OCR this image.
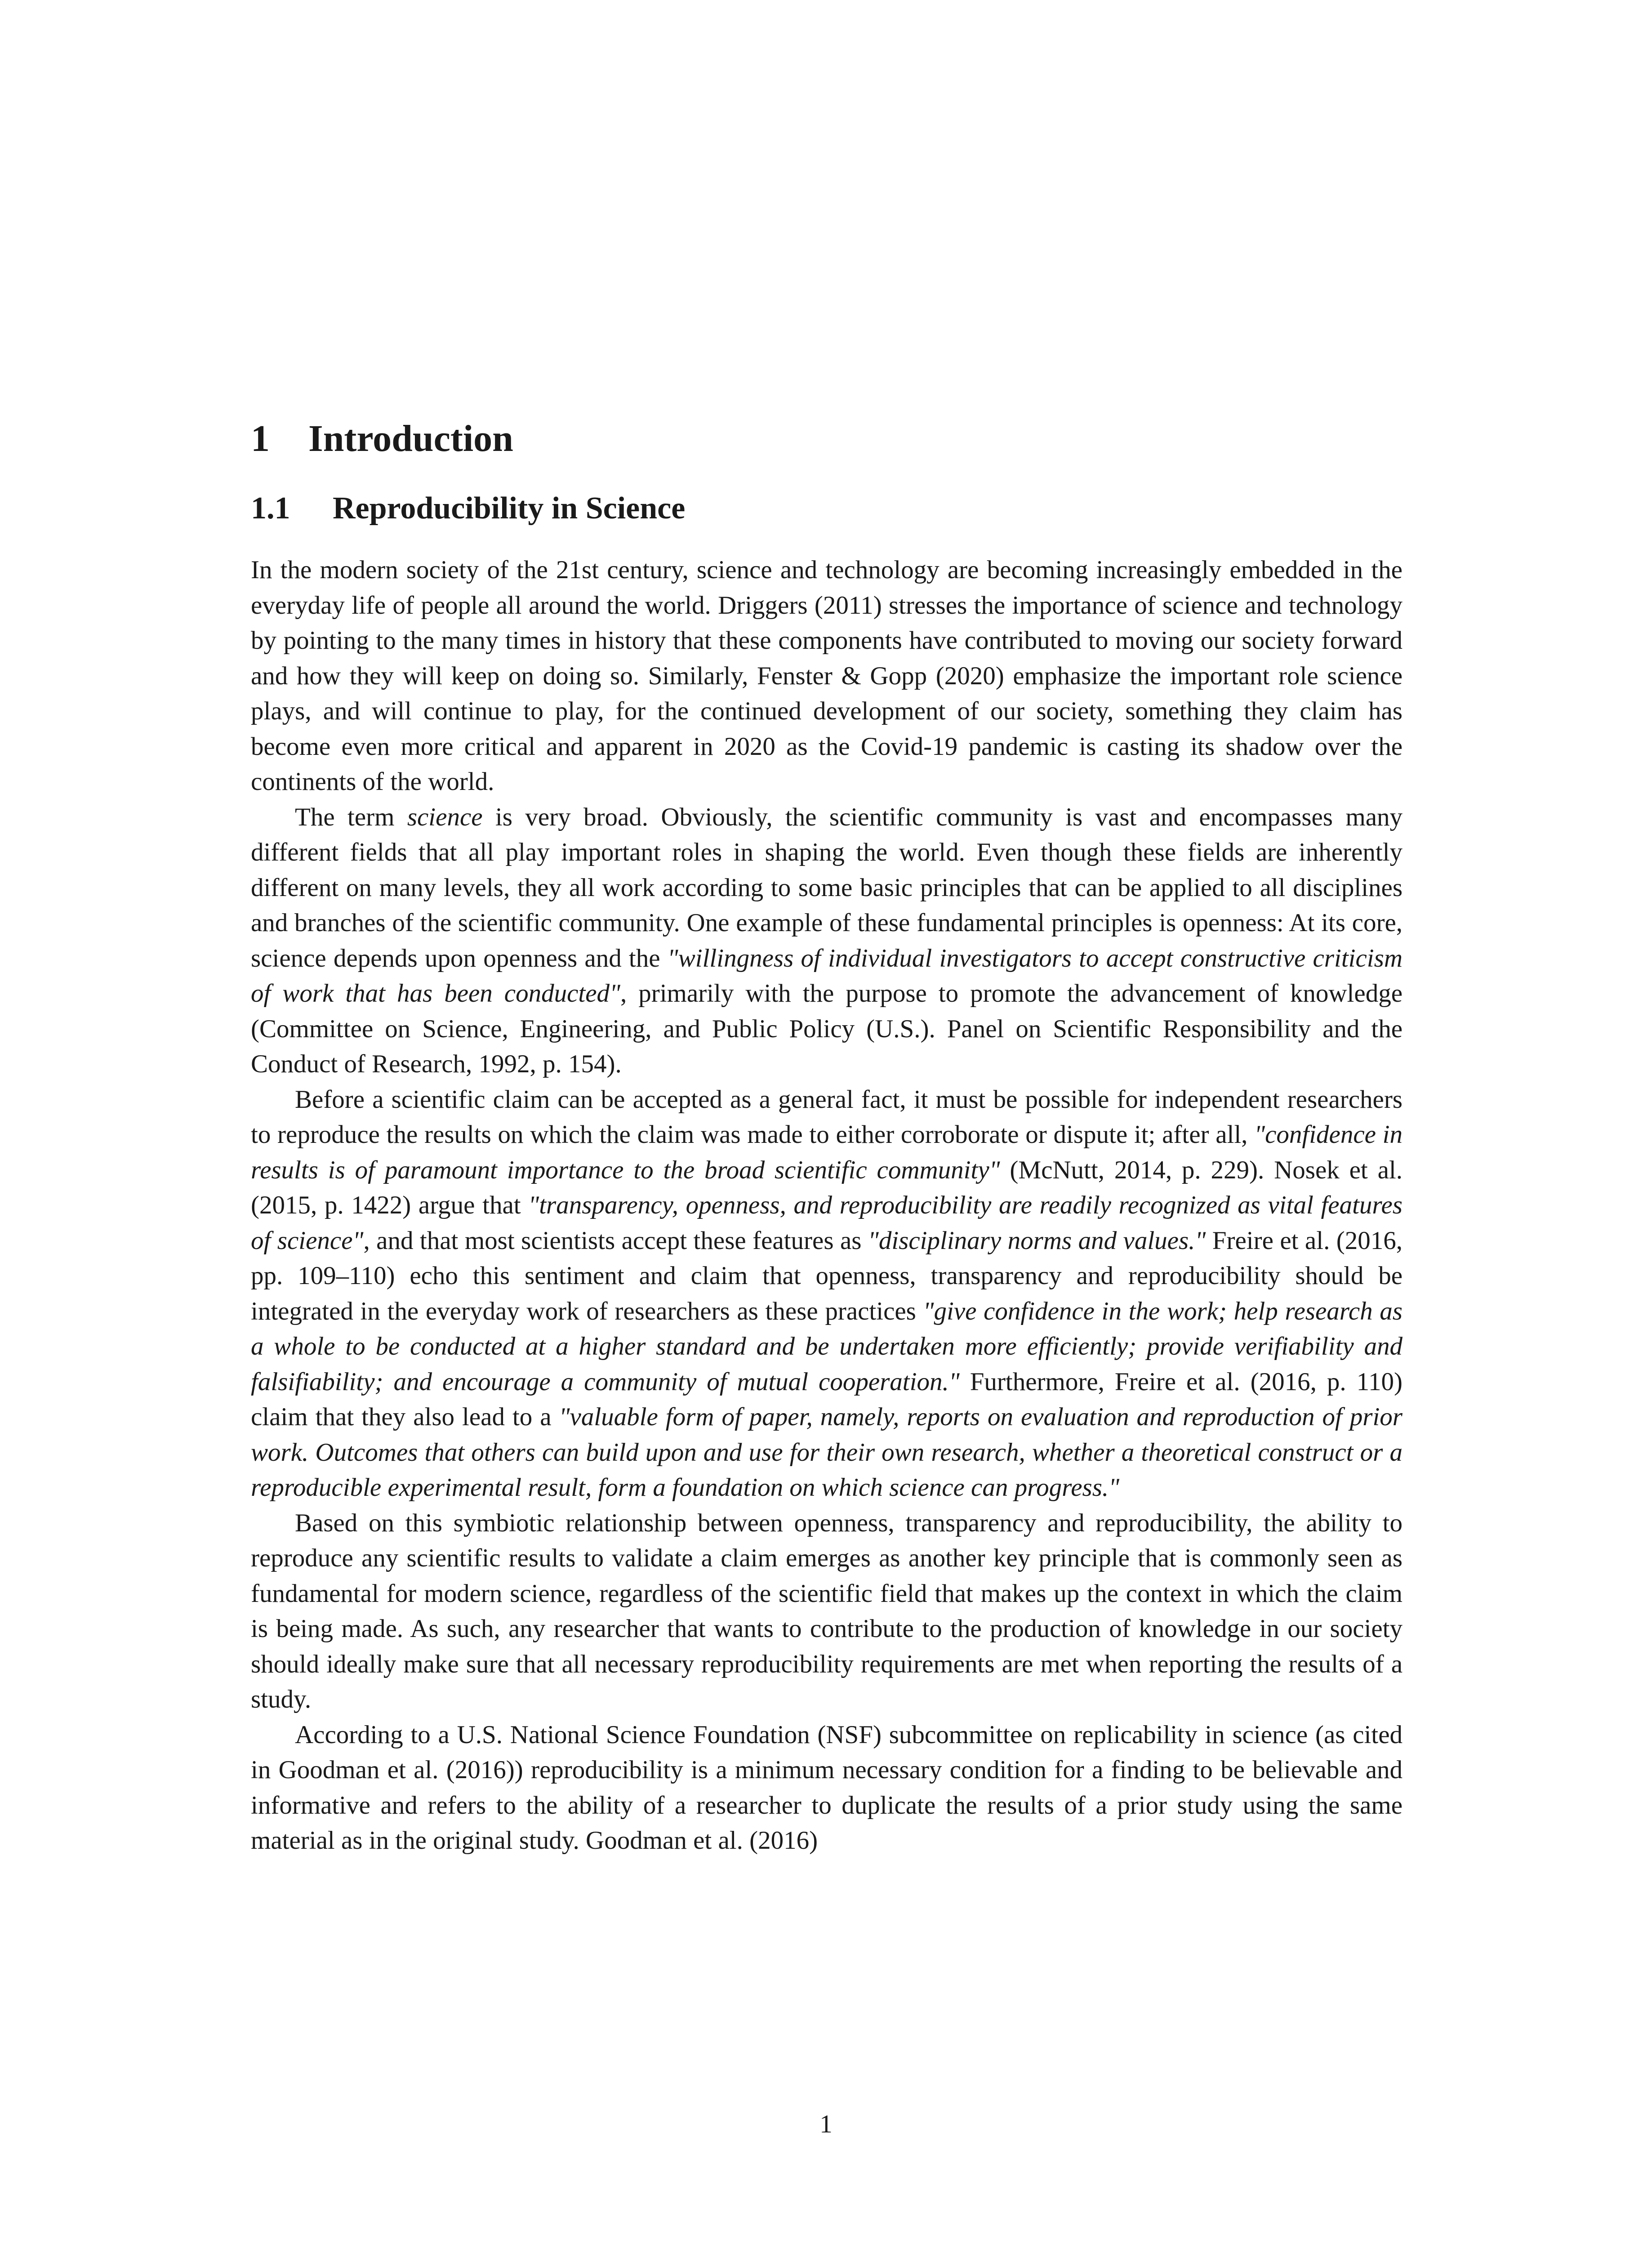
1 Introduction
1.1 Reproducibility in Science

In the modern society of the 21st century, science and technology are becoming increasingly embedded in the everyday life of people all around the world. Driggers (2011) stresses the importance of science and technology by pointing to the many times in history that these components have contributed to moving our society forward and how they will keep on doing so. Similarly, Fenster & Gopp (2020) emphasize the important role science plays, and will continue to play, for the continued development of our society, something they claim has become even more critical and apparent in 2020 as the Covid-19 pandemic is casting its shadow over the continents of the world.

The term science is very broad. Obviously, the scientific community is vast and encompasses many different fields that all play important roles in shaping the world. Even though these fields are inherently different on many levels, they all work according to some basic principles that can be applied to all disciplines and branches of the scientific community. One example of these fundamental principles is openness: At its core, science depends upon openness and the "willingness of individual investigators to accept constructive criticism of work that has been conducted", primarily with the purpose to promote the advancement of knowledge (Committee on Science, Engineering, and Public Policy (U.S.). Panel on Scientific Responsibility and the Conduct of Research, 1992, p. 154).

Before a scientific claim can be accepted as a general fact, it must be possible for independent researchers to reproduce the results on which the claim was made to either corroborate or dispute it; after all, "confidence in results is of paramount importance to the broad scientific community" (McNutt, 2014, p. 229). Nosek et al. (2015, p. 1422) argue that "transparency, openness, and reproducibility are readily recognized as vital features of science", and that most scientists accept these features as "disciplinary norms and values." Freire et al. (2016, pp. 109–110) echo this sentiment and claim that openness, transparency and reproducibility should be integrated in the everyday work of researchers as these practices "give confidence in the work; help research as a whole to be conducted at a higher standard and be undertaken more efficiently; provide verifiability and falsifiability; and encourage a community of mutual cooperation." Furthermore, Freire et al. (2016, p. 110) claim that they also lead to a "valuable form of paper, namely, reports on evaluation and reproduction of prior work. Outcomes that others can build upon and use for their own research, whether a theoretical construct or a reproducible experimental result, form a foundation on which science can progress."

Based on this symbiotic relationship between openness, transparency and reproducibility, the ability to reproduce any scientific results to validate a claim emerges as another key principle that is commonly seen as fundamental for modern science, regardless of the scientific field that makes up the context in which the claim is being made. As such, any researcher that wants to contribute to the production of knowledge in our society should ideally make sure that all necessary reproducibility requirements are met when reporting the results of a study.

According to a U.S. National Science Foundation (NSF) subcommittee on replicability in science (as cited in Goodman et al. (2016)) reproducibility is a minimum necessary condition for a finding to be believable and informative and refers to the ability of a researcher to duplicate the results of a prior study using the same material as in the original study. Goodman et al. (2016)

1
